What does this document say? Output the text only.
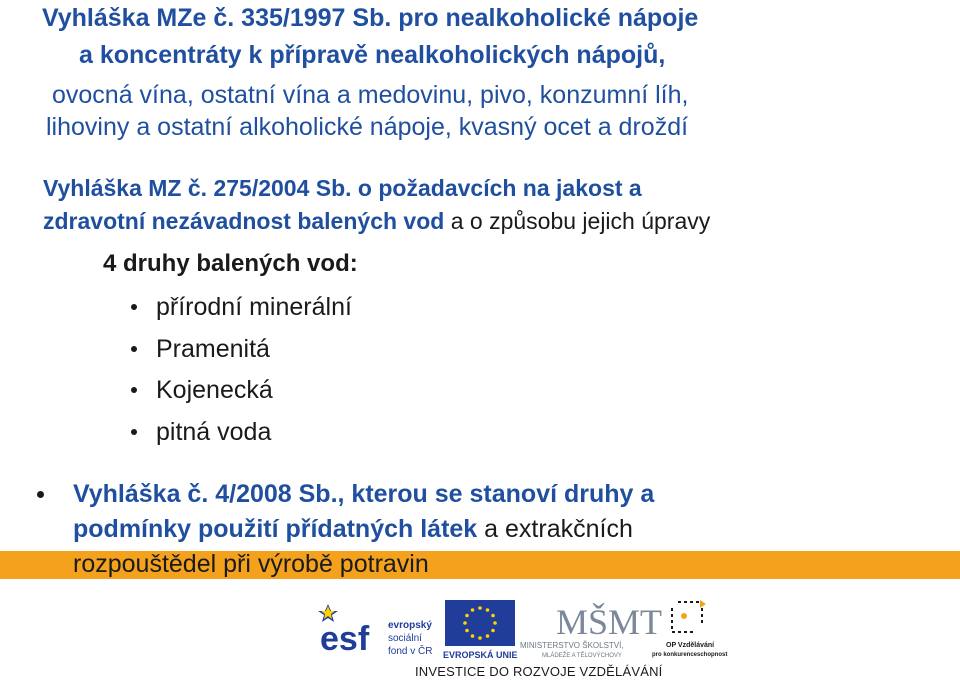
Vyhláška MZe č. 335/1997 Sb. pro nealkoholické nápoje
a koncentráty k přípravě nealkoholických nápojů,
ovocná vína, ostatní vína a medovinu, pivo, konzumní líh,
lihoviny a ostatní alkoholické nápoje, kvasný ocet a droždí
Vyhláška MZ č. 275/2004 Sb. o požadavcích na jakost a
zdravotní nezávadnost balených vod a o způsobu jejich úpravy
4 druhy balených vod:
přírodní minerální
Pramenitá
Kojenecká
pitná voda
Vyhláška č. 4/2008 Sb., kterou se stanoví druhy a
podmínky použití přídatných látek a extrakčních
rozpouštědel při výrobě potravin
esf evropský
sociální
fond v ČR EVROPSKÁ UNIE
MŠMT
MINISTERSTVO ŠKOLSTVÍ,
MLÁDEŽE A TĚLOVÝCHOVY
OP Vzdělávání
pro konkurenceschopnost
INVESTICE DO ROZVOJE VZDĚLÁVÁNÍ
